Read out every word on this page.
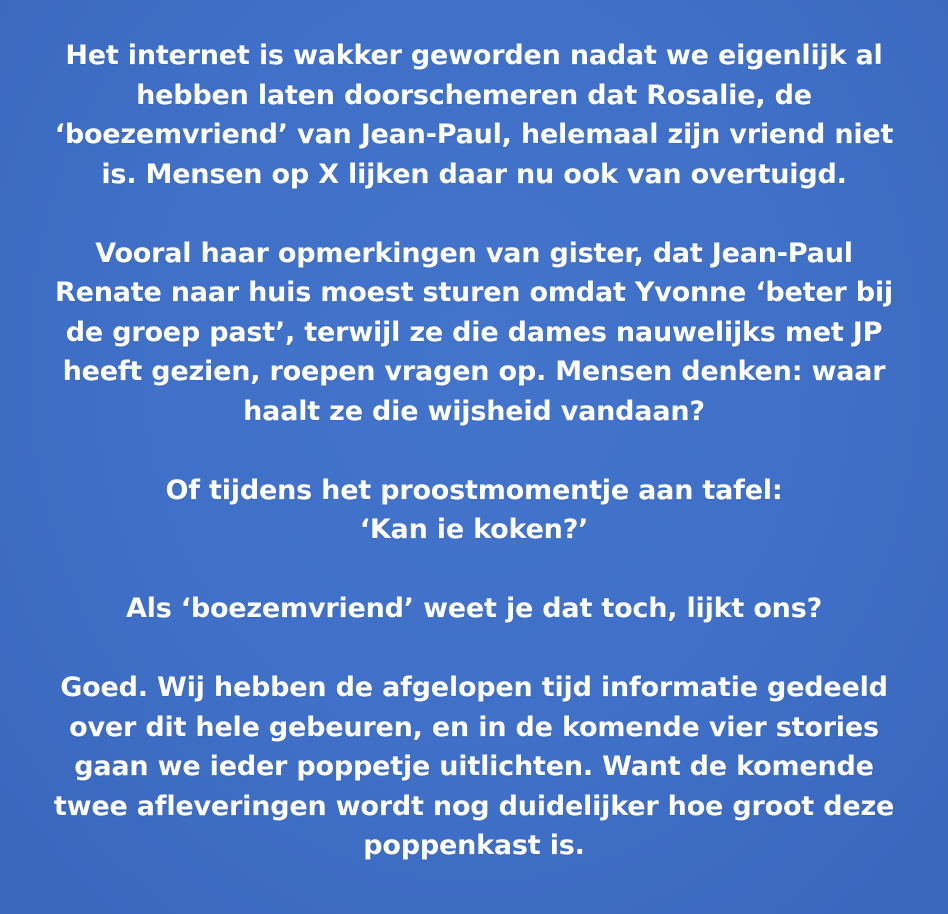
Het internet is wakker geworden nadat we eigenlijk al
hebben laten doorschemeren dat Rosalie, de
‘boezemvriend’ van Jean-Paul, helemaal zijn vriend niet
is. Mensen op X lijken daar nu ook van overtuigd.

Vooral haar opmerkingen van gister, dat Jean-Paul
Renate naar huis moest sturen omdat Yvonne ‘beter bij
de groep past’, terwijl ze die dames nauwelijks met JP
heeft gezien, roepen vragen op. Mensen denken: waar
haalt ze die wijsheid vandaan?

Of tijdens het proostmomentje aan tafel:
‘Kan ie koken?’

Als ‘boezemvriend’ weet je dat toch, lijkt ons?

Goed. Wij hebben de afgelopen tijd informatie gedeeld
over dit hele gebeuren, en in de komende vier stories
gaan we ieder poppetje uitlichten. Want de komende
twee afleveringen wordt nog duidelijker hoe groot deze
poppenkast is.
